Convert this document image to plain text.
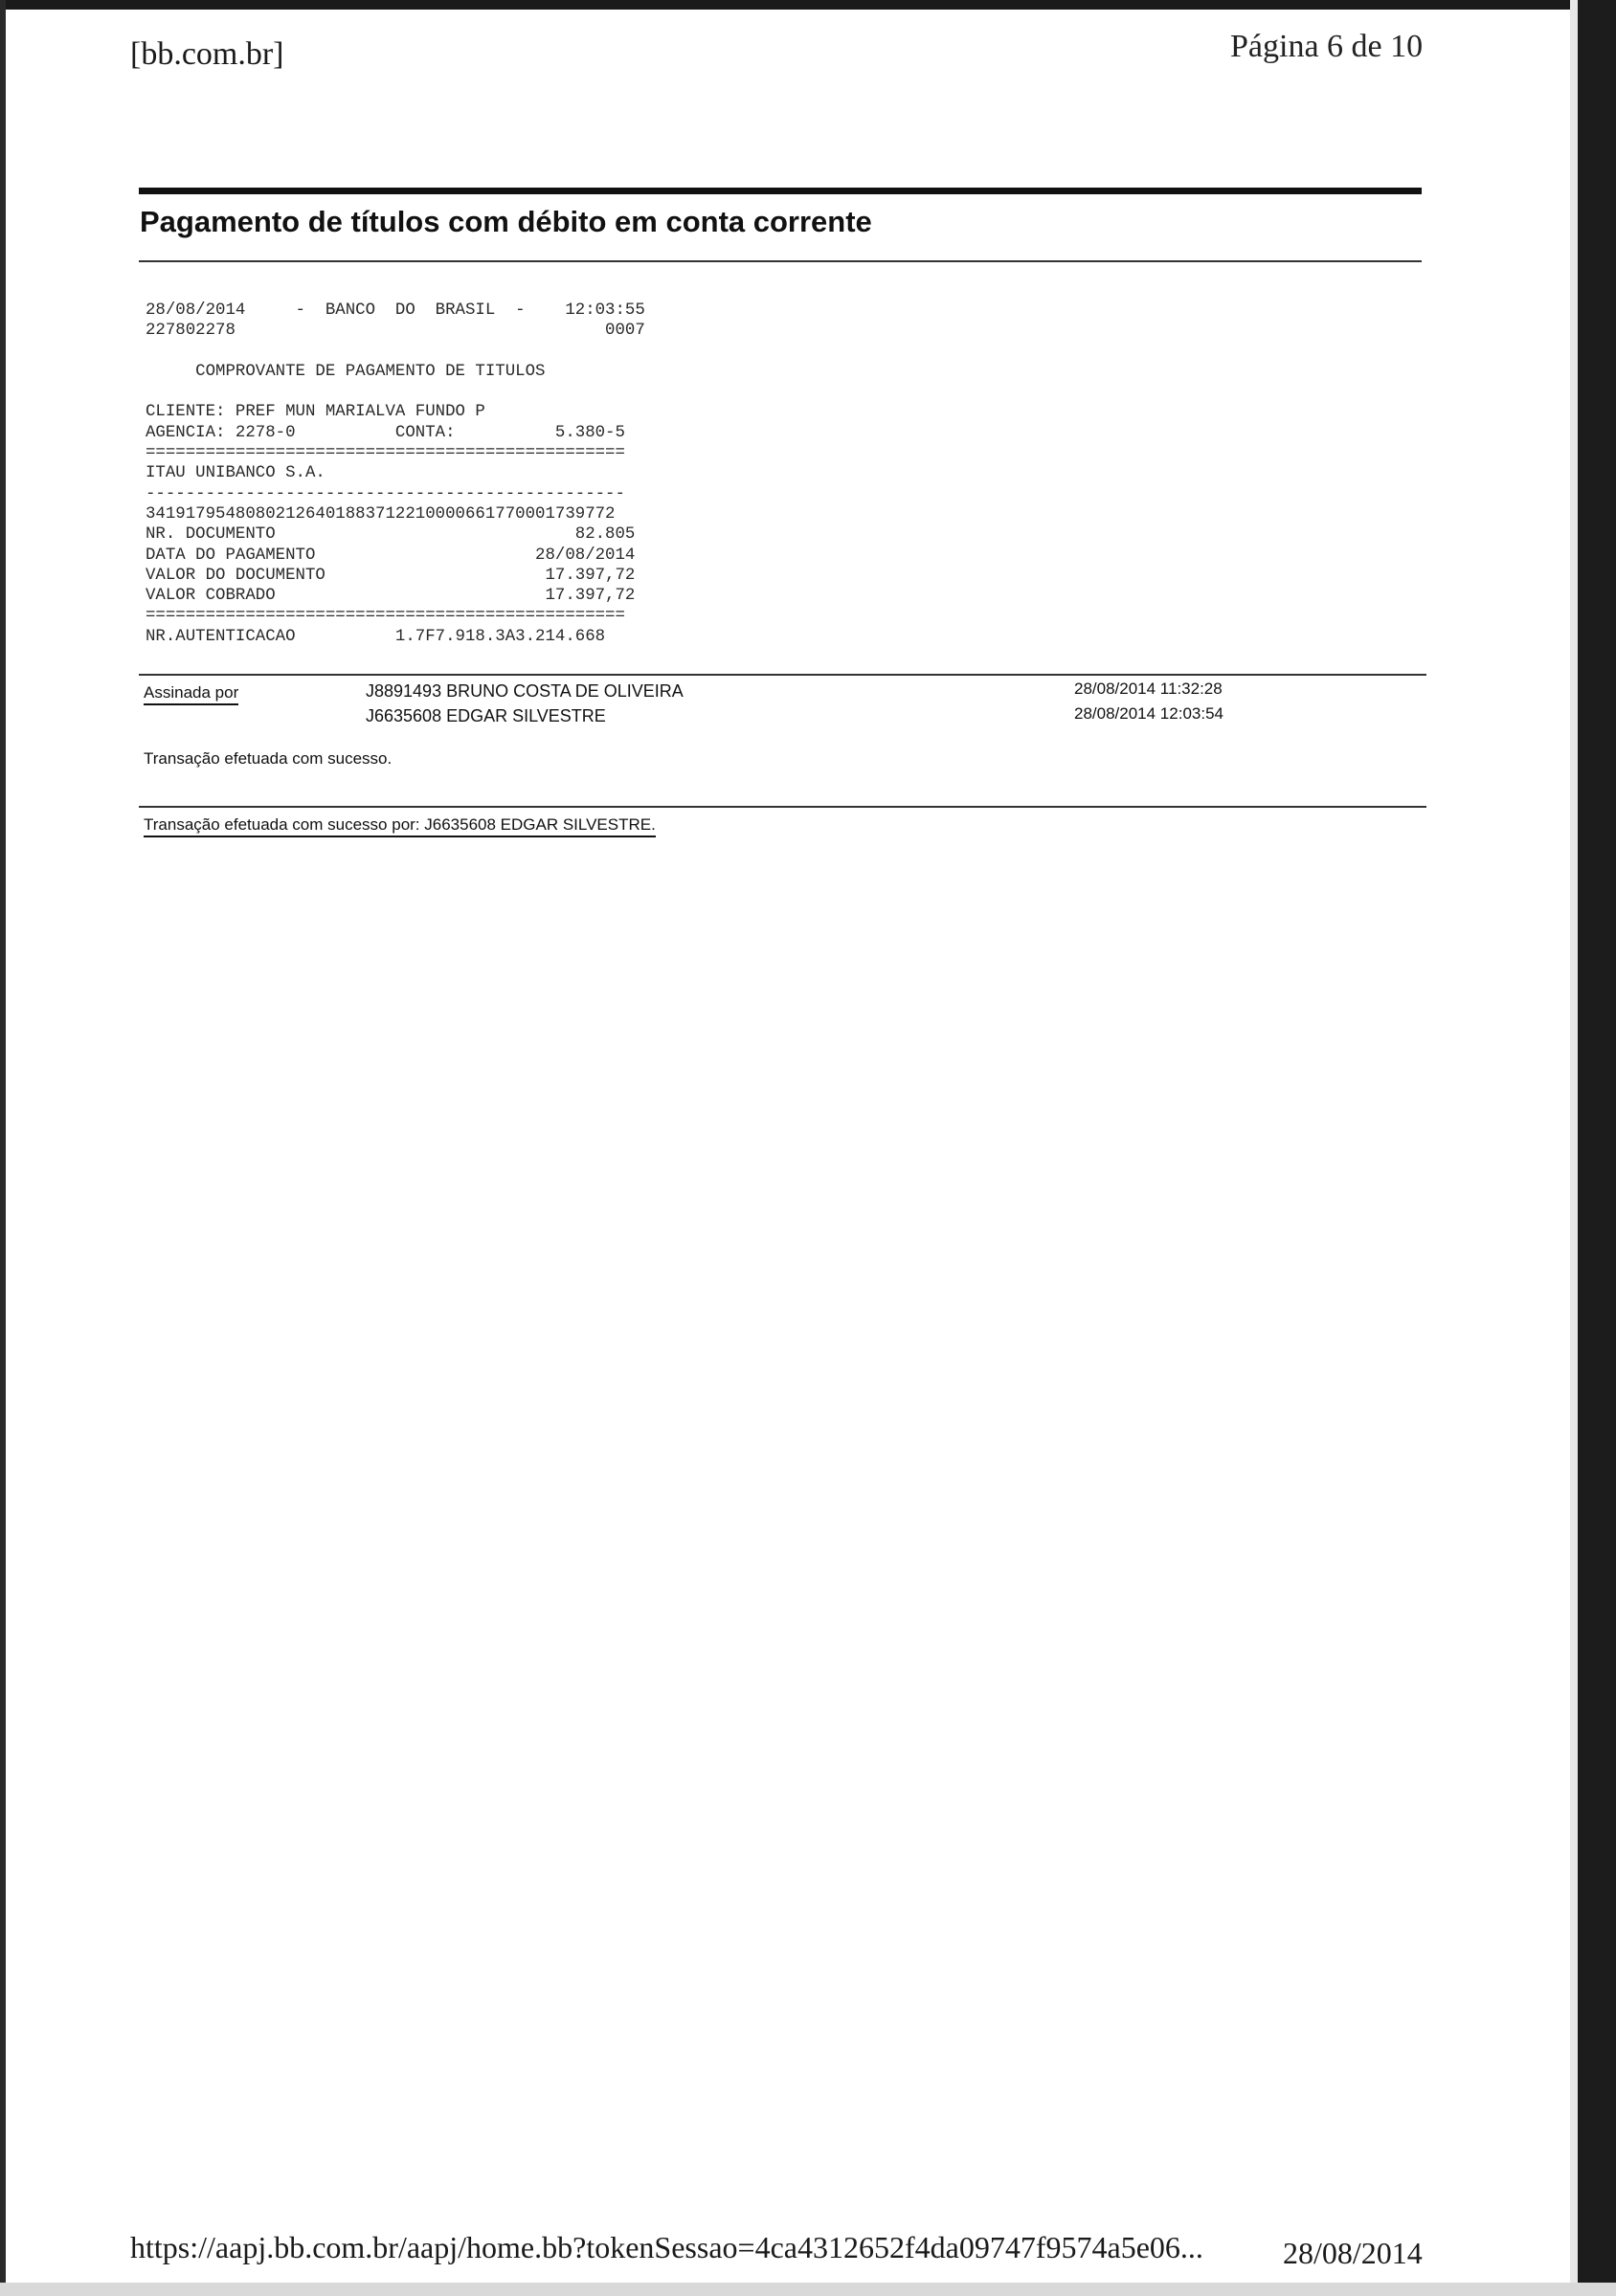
[bb.com.br]	Página 6 de 10
Pagamento de títulos com débito em conta corrente
28/08/2014     -  BANCO  DO  BRASIL  -    12:03:55
227802278                                     0007

COMPROVANTE DE PAGAMENTO DE TITULOS

CLIENTE: PREF MUN MARIALVA FUNDO P
AGENCIA: 2278-0          CONTA:          5.380-5
================================================
ITAU UNIBANCO S.A.
------------------------------------------------
34191795480802126401883712210000661770001739772
NR. DOCUMENTO                              82.805
DATA DO PAGAMENTO                      28/08/2014
VALOR DO DOCUMENTO                      17.397,72
VALOR COBRADO                           17.397,72
================================================
NR.AUTENTICACAO          1.7F7.918.3A3.214.668
Assinada por	J8891493 BRUNO COSTA DE OLIVEIRA	28/08/2014 11:32:28
J6635608 EDGAR SILVESTRE	28/08/2014 12:03:54
Transação efetuada com sucesso.
Transação efetuada com sucesso por: J6635608 EDGAR SILVESTRE.
https://aapj.bb.com.br/aapj/home.bb?tokenSessao=4ca4312652f4da09747f9574a5e06...	28/08/2014
